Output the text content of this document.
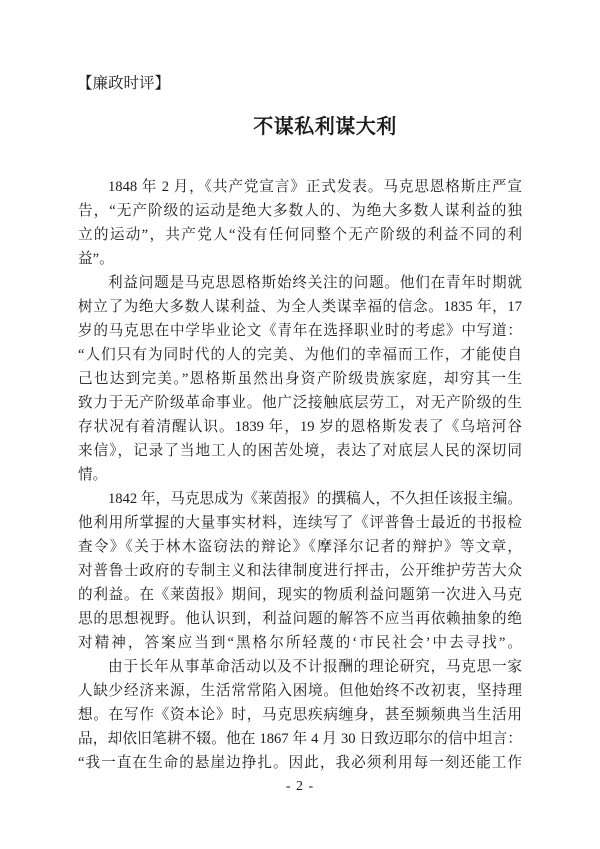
【廉政时评】
不谋私利谋大利
1848 年 2 月，《共产党宣言》正式发表。马克思恩格斯庄严宣
告，“无产阶级的运动是绝大多数人的、为绝大多数人谋利益的独
立的运动”，共产党人“没有任何同整个无产阶级的利益不同的利
益”。
利益问题是马克思恩格斯始终关注的问题。他们在青年时期就
树立了为绝大多数人谋利益、为全人类谋幸福的信念。1835 年，17
岁的马克思在中学毕业论文《青年在选择职业时的考虑》中写道：
“人们只有为同时代的人的完美、为他们的幸福而工作，才能使自
己也达到完美。”恩格斯虽然出身资产阶级贵族家庭，却穷其一生
致力于无产阶级革命事业。他广泛接触底层劳工，对无产阶级的生
存状况有着清醒认识。1839 年，19 岁的恩格斯发表了《乌培河谷
来信》，记录了当地工人的困苦处境，表达了对底层人民的深切同
情。
1842 年，马克思成为《莱茵报》的撰稿人，不久担任该报主编。
他利用所掌握的大量事实材料，连续写了《评普鲁士最近的书报检
查令》《关于林木盗窃法的辩论》《摩泽尔记者的辩护》等文章，
对普鲁士政府的专制主义和法律制度进行抨击，公开维护劳苦大众
的利益。在《莱茵报》期间，现实的物质利益问题第一次进入马克
思的思想视野。他认识到，利益问题的解答不应当再依赖抽象的绝
对精神，答案应当到“黑格尔所轻蔑的‘市民社会’中去寻找”。
由于长年从事革命活动以及不计报酬的理论研究，马克思一家
人缺少经济来源，生活常常陷入困境。但他始终不改初衷，坚持理
想。在写作《资本论》时，马克思疾病缠身，甚至频频典当生活用
品，却依旧笔耕不辍。他在 1867 年 4 月 30 日致迈耶尔的信中坦言：
“我一直在生命的悬崖边挣扎。因此，我必须利用每一刻还能工作
- 2 -
